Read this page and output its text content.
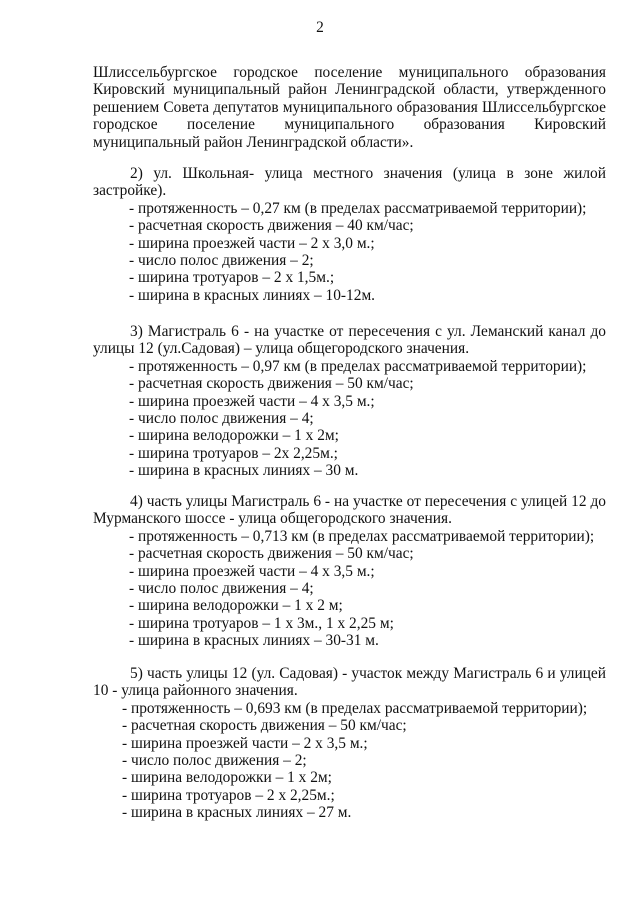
2
Шлиссельбургское городское поселение муниципального образования Кировский муниципальный район Ленинградской области, утвержденного решением Совета депутатов муниципального образования Шлиссельбургское городское поселение муниципального образования Кировский муниципальный район Ленинградской области».
2) ул. Школьная- улица местного значения (улица в зоне жилой застройке).
- протяженность – 0,27 км (в пределах рассматриваемой территории);
- расчетная скорость движения – 40 км/час;
- ширина проезжей части – 2 х 3,0 м.;
- число полос движения – 2;
- ширина тротуаров – 2 х 1,5м.;
- ширина в красных линиях – 10-12м.
3) Магистраль 6 - на участке от пересечения с ул. Леманский канал до улицы 12 (ул.Садовая) – улица общегородского значения.
- протяженность – 0,97 км (в пределах рассматриваемой территории);
- расчетная скорость движения – 50 км/час;
- ширина проезжей части – 4 х 3,5 м.;
- число полос движения – 4;
- ширина велодорожки – 1 х 2м;
- ширина тротуаров – 2х 2,25м.;
- ширина в красных линиях – 30 м.
4) часть улицы Магистраль 6 - на участке от пересечения с улицей 12 до Мурманского шоссе - улица общегородского значения.
- протяженность – 0,713 км (в пределах рассматриваемой территории);
- расчетная скорость движения – 50 км/час;
- ширина проезжей части – 4 х 3,5 м.;
- число полос движения – 4;
- ширина велодорожки – 1 х 2 м;
- ширина тротуаров – 1 х 3м., 1 х 2,25 м;
- ширина в красных линиях – 30-31 м.
5) часть улицы 12 (ул. Садовая) - участок между Магистраль 6 и улицей 10 - улица районного значения.
- протяженность – 0,693 км (в пределах рассматриваемой территории);
- расчетная скорость движения – 50 км/час;
- ширина проезжей части – 2 х 3,5 м.;
- число полос движения – 2;
- ширина велодорожки – 1 х 2м;
- ширина тротуаров – 2 х 2,25м.;
- ширина в красных линиях – 27 м.
